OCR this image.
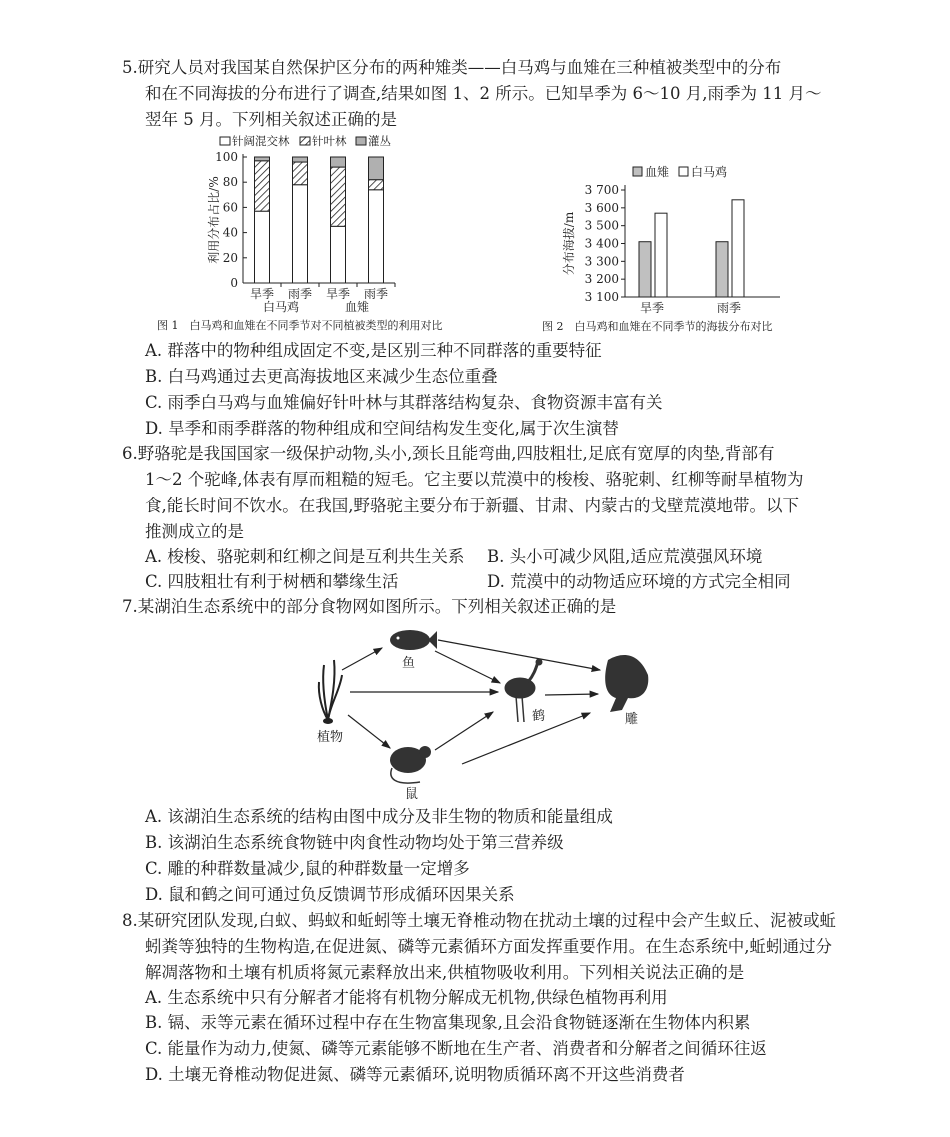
5.研究人员对我国某自然保护区分布的两种雉类——白马鸡与血雉在三种植被类型中的分布
和在不同海拔的分布进行了调查,结果如图 1、2 所示。已知旱季为 6～10 月,雨季为 11 月～
翌年 5 月。下列相关叙述正确的是
0
20
40
60
80
100
旱季 雨季 旱季 雨季
白马鸡	血雉
利用分布占比/%
针阔混交林 针叶林 灌丛
图 1　白马鸡和血雉在不同季节对不同植被类型的利用对比
3 100
3 200
3 300
3 400
3 500
3 600
3 700
旱季	雨季
分布海拔/m
血雉 白马鸡
图 2　白马鸡和血雉在不同季节的海拔分布对比
A. 群落中的物种组成固定不变,是区别三种不同群落的重要特征
B. 白马鸡通过去更高海拔地区来减少生态位重叠
C. 雨季白马鸡与血雉偏好针叶林与其群落结构复杂、食物资源丰富有关
D. 旱季和雨季群落的物种组成和空间结构发生变化,属于次生演替
6.野骆驼是我国国家一级保护动物,头小,颈长且能弯曲,四肢粗壮,足底有宽厚的肉垫,背部有
1～2 个驼峰,体表有厚而粗糙的短毛。它主要以荒漠中的梭梭、骆驼刺、红柳等耐旱植物为
食,能长时间不饮水。在我国,野骆驼主要分布于新疆、甘肃、内蒙古的戈壁荒漠地带。以下
推测成立的是
A. 梭梭、骆驼刺和红柳之间是互利共生关系 B. 头小可减少风阻,适应荒漠强风环境
C. 四肢粗壮有利于树栖和攀缘生活	D. 荒漠中的动物适应环境的方式完全相同
7.某湖泊生态系统中的部分食物网如图所示。下列相关叙述正确的是
植物
鱼
鹤	雕
鼠
A. 该湖泊生态系统的结构由图中成分及非生物的物质和能量组成
B. 该湖泊生态系统食物链中肉食性动物均处于第三营养级
C. 雕的种群数量减少,鼠的种群数量一定增多
D. 鼠和鹤之间可通过负反馈调节形成循环因果关系
8.某研究团队发现,白蚁、蚂蚁和蚯蚓等土壤无脊椎动物在扰动土壤的过程中会产生蚁丘、泥被或蚯
蚓粪等独特的生物构造,在促进氮、磷等元素循环方面发挥重要作用。在生态系统中,蚯蚓通过分
解凋落物和土壤有机质将氮元素释放出来,供植物吸收利用。下列相关说法正确的是
A. 生态系统中只有分解者才能将有机物分解成无机物,供绿色植物再利用
B. 镉、汞等元素在循环过程中存在生物富集现象,且会沿食物链逐渐在生物体内积累
C. 能量作为动力,使氮、磷等元素能够不断地在生产者、消费者和分解者之间循环往返
D. 土壤无脊椎动物促进氮、磷等元素循环,说明物质循环离不开这些消费者
